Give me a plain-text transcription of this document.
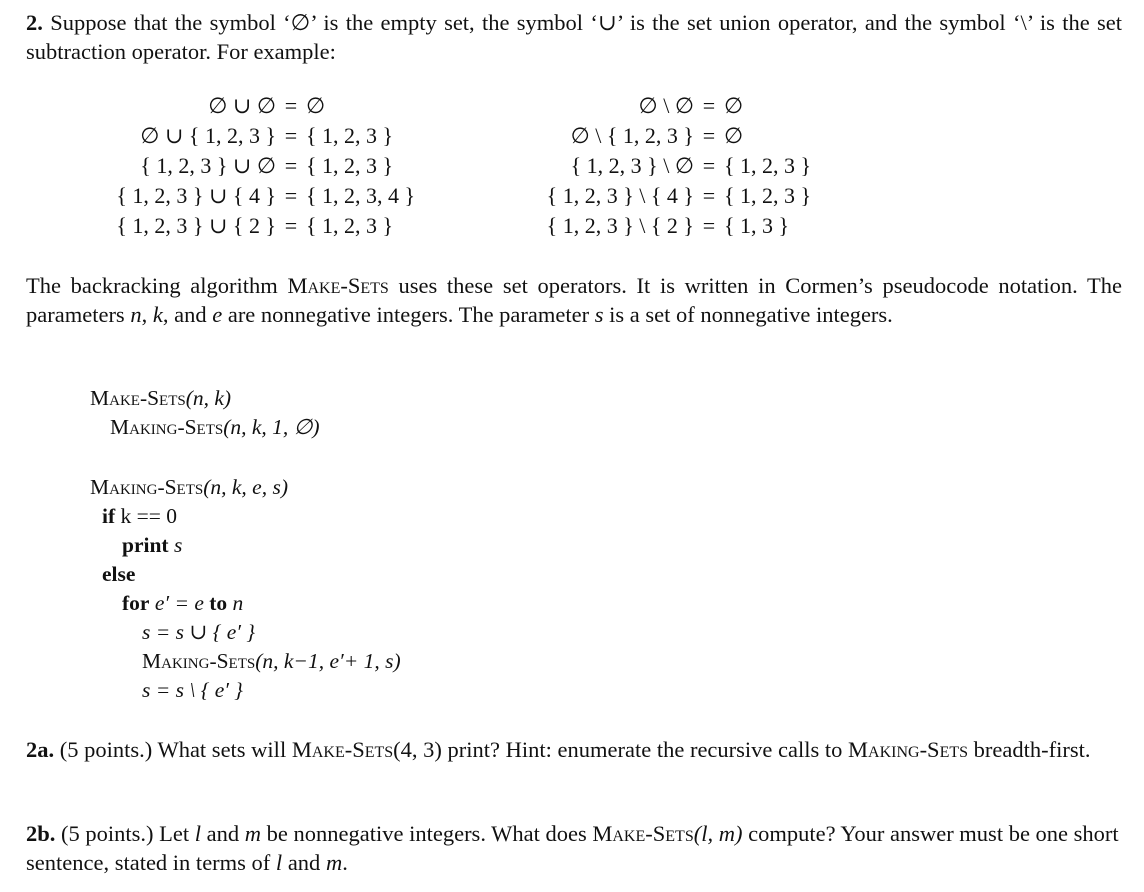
2. Suppose that the symbol ‘∅’ is the empty set, the symbol ‘∪’ is the set union operator, and the symbol ‘\’ is the set subtraction operator. For example:
∅ ∪ ∅ = ∅
∅ ∪ { 1, 2, 3 } = { 1, 2, 3 }
{ 1, 2, 3 } ∪ ∅ = { 1, 2, 3 }
{ 1, 2, 3 } ∪ { 4 } = { 1, 2, 3, 4 }
{ 1, 2, 3 } ∪ { 2 } = { 1, 2, 3 }
∅ \ ∅ = ∅
∅ \ { 1, 2, 3 } = ∅
{ 1, 2, 3 } \ ∅ = { 1, 2, 3 }
{ 1, 2, 3 } \ { 4 } = { 1, 2, 3 }
{ 1, 2, 3 } \ { 2 } = { 1, 3 }
The backracking algorithm Make-Sets uses these set operators. It is written in Cormen’s pseudocode notation. The parameters n, k, and e are nonnegative integers. The parameter s is a set of nonnegative integers.
Make-Sets(n, k)
Making-Sets(n, k, 1, ∅)
Making-Sets(n, k, e, s)
if k == 0
print s
else
for e′ = e to n
s = s ∪ { e′ }
Making-Sets(n, k−1, e′+ 1, s)
s = s \ { e′ }
2a. (5 points.) What sets will Make-Sets(4, 3) print? Hint: enumerate the recursive calls to Making-Sets breadth-first.
2b. (5 points.) Let l and m be nonnegative integers. What does Make-Sets(l, m) compute? Your answer must be one short sentence, stated in terms of l and m.
